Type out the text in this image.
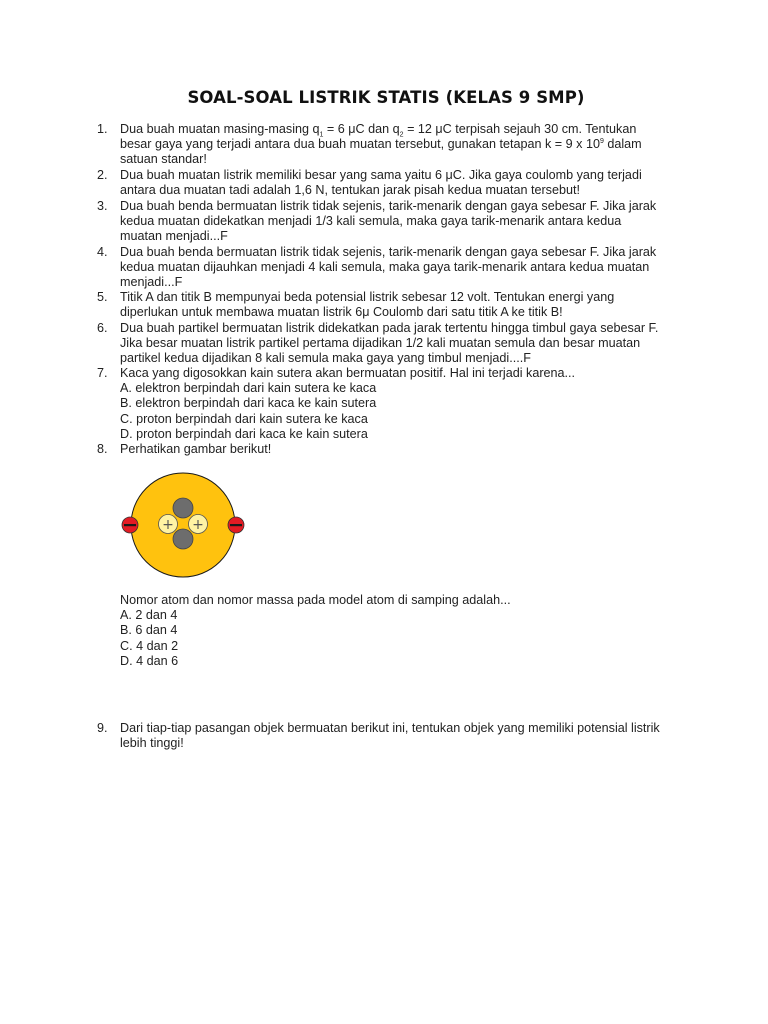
SOAL-SOAL LISTRIK STATIS (KELAS 9 SMP)
1. Dua buah muatan masing-masing $q_1 = 6$ μC dan $q_2 = 12$ μC terpisah sejauh 30 cm. Tentukan
besar gaya yang terjadi antara dua buah muatan tersebut, gunakan tetapan k = 9 x $10^9$ dalam
satuan standar!
2. Dua buah muatan listrik memiliki besar yang sama yaitu 6 μC. Jika gaya coulomb yang terjadi
antara dua muatan tadi adalah 1,6 N, tentukan jarak pisah kedua muatan tersebut!
3. Dua buah benda bermuatan listrik tidak sejenis, tarik-menarik dengan gaya sebesar F. Jika jarak
kedua muatan didekatkan menjadi 1/3 kali semula, maka gaya tarik-menarik antara kedua
muatan menjadi...F
4. Dua buah benda bermuatan listrik tidak sejenis, tarik-menarik dengan gaya sebesar F. Jika jarak
kedua muatan dijauhkan menjadi 4 kali semula, maka gaya tarik-menarik antara kedua muatan
menjadi...F
5. Titik A dan titik B mempunyai beda potensial listrik sebesar 12 volt. Tentukan energi yang
diperlukan untuk membawa muatan listrik 6μ Coulomb dari satu titik A ke titik B!
6. Dua buah partikel bermuatan listrik didekatkan pada jarak tertentu hingga timbul gaya sebesar F.
Jika besar muatan listrik partikel pertama dijadikan 1/2 kali muatan semula dan besar muatan
partikel kedua dijadikan 8 kali semula maka gaya yang timbul menjadi....F
7. Kaca yang digosokkan kain sutera akan bermuatan positif. Hal ini terjadi karena...
A. elektron berpindah dari kain sutera ke kaca
B. elektron berpindah dari kaca ke kain sutera
C. proton berpindah dari kain sutera ke kaca
D. proton berpindah dari kaca ke kain sutera
8. Perhatikan gambar berikut!
+ +
Nomor atom dan nomor massa pada model atom di samping adalah...
A. 2 dan 4
B. 6 dan 4
C. 4 dan 2
D. 4 dan 6
9. Dari tiap-tiap pasangan objek bermuatan berikut ini, tentukan objek yang memiliki potensial listrik
lebih tinggi!
